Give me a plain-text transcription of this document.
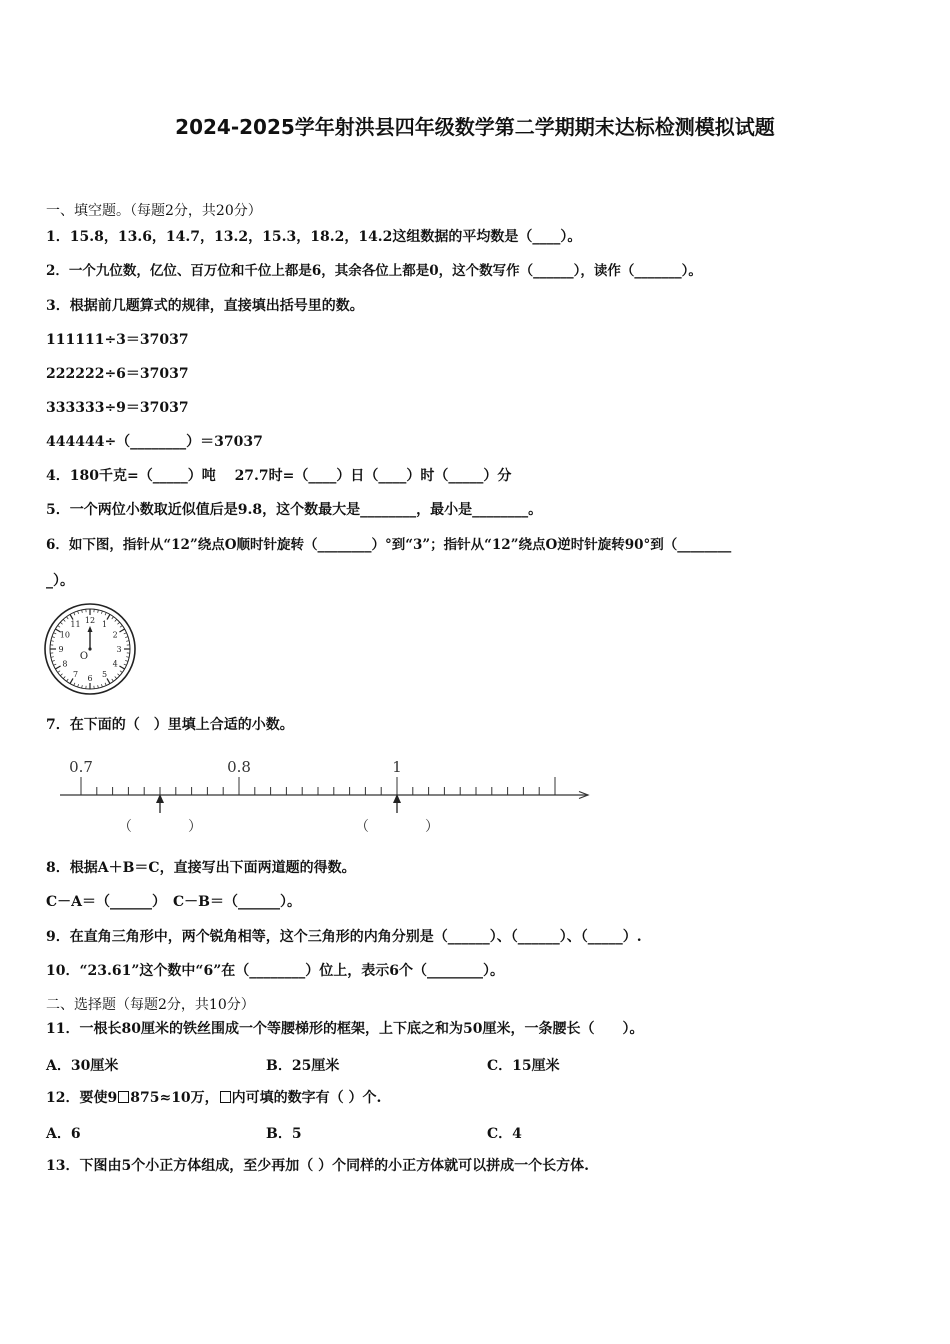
2024-2025学年射洪县四年级数学第二学期期末达标检测模拟试题
一、填空题。（每题2分，共20分）
1．15.8，13.6，14.7，13.2，15.3，18.2，14.2这组数据的平均数是（____）。
2．一个九位数，亿位、百万位和千位上都是6，其余各位上都是0，这个数写作（______），读作（_______）。
3．根据前几题算式的规律，直接填出括号里的数。
111111÷3＝37037
222222÷6＝37037
333333÷9＝37037
444444÷（________）＝37037
4．180千克=（_____）吨　 27.7时=（____）日（____）时（_____）分
5．一个两位小数取近似值后是9.8，这个数最大是________，最小是________。
6．如下图，指针从“12”绕点O顺时针旋转（________）°到“3”；指针从“12”绕点O逆时针旋转90°到（________
_）。
12 1
2
3
4
5
6
7
8
9
10
11
O
7．在下面的（　）里填上合适的小数。
0.7	0.8	1
（　　　　）	（　　　　）
8．根据A＋B＝C，直接写出下面两道题的得数。
C－A＝（______）　C－B＝（______）。
9．在直角三角形中，两个锐角相等，这个三角形的内角分别是（______）、（______）、（_____）.
10．“23.61”这个数中“6”在（________）位上，表示6个（________）。
二、选择题（每题2分，共10分）
11．一根长80厘米的铁丝围成一个等腰梯形的框架，上下底之和为50厘米，一条腰长（　　）。
A．30厘米	B．25厘米	C．15厘米
12．要使9 875≈10万， 内可填的数字有（ ）个.
A．6	B．5	C．4
13．下图由5个小正方体组成，至少再加（ ）个同样的小正方体就可以拼成一个长方体.
